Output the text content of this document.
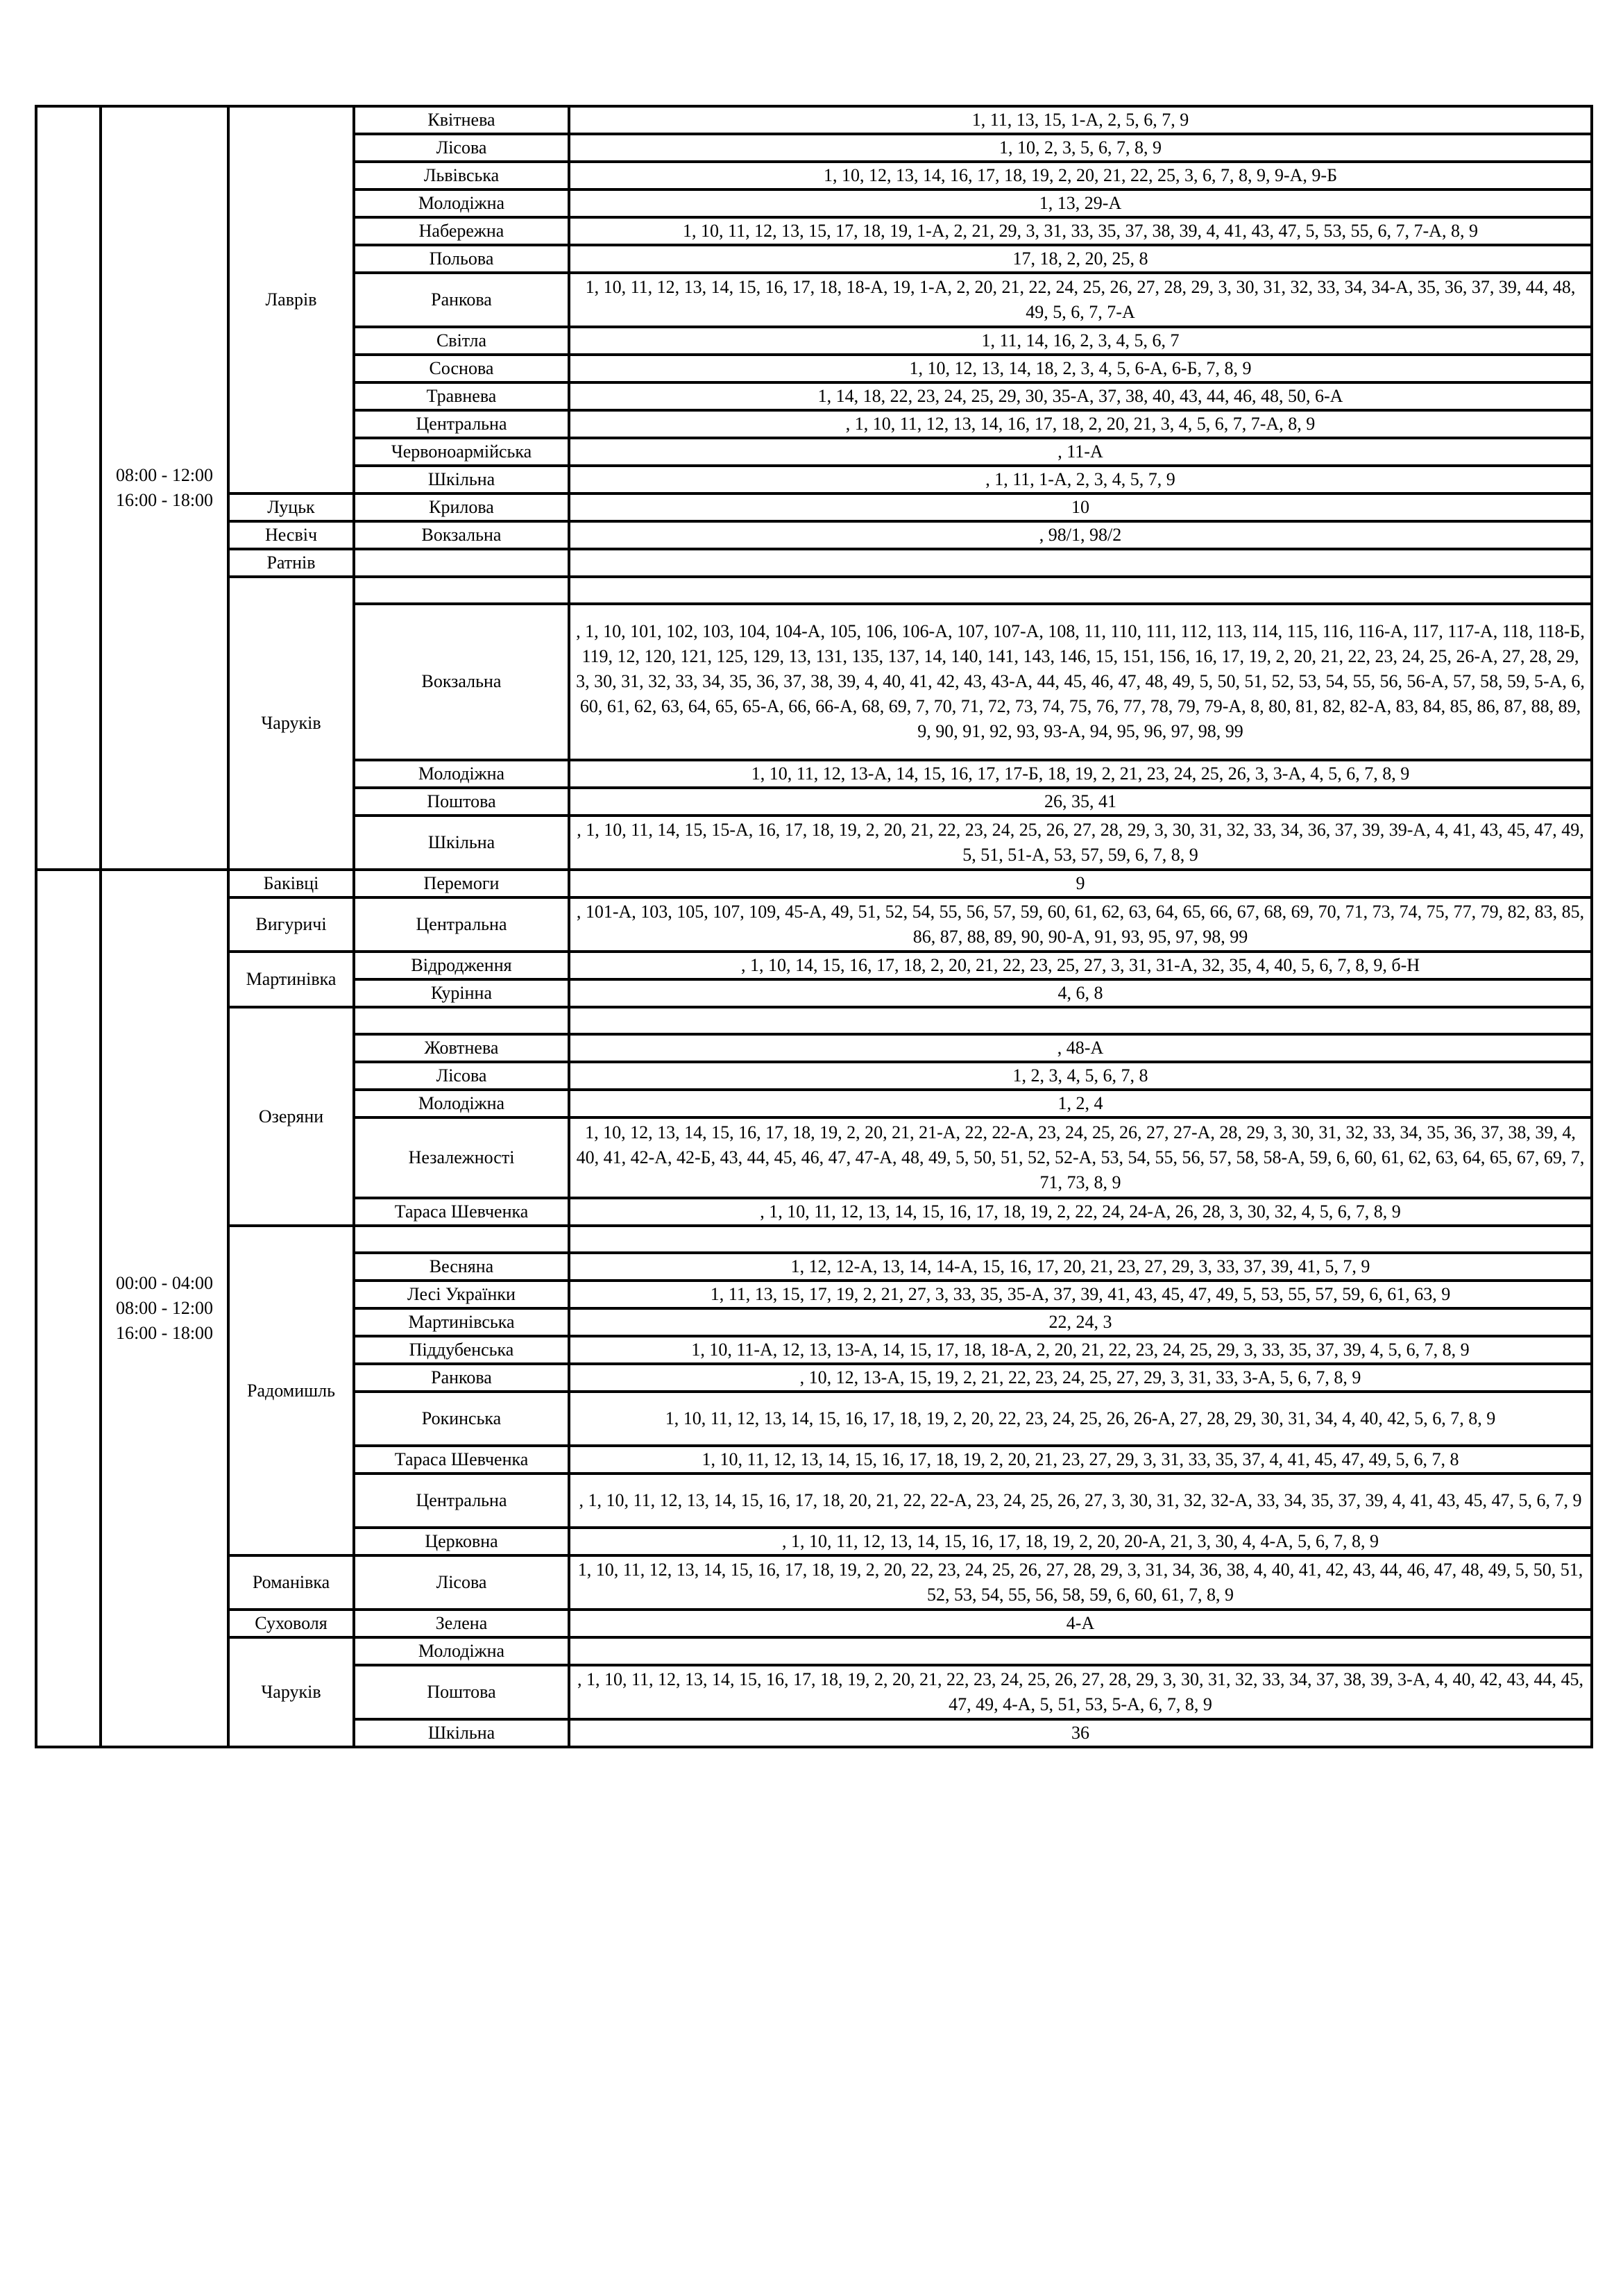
	08:00 - 12:00
16:00 - 18:00	Лаврів	Квітнева	1, 11, 13, 15, 1-А, 2, 5, 6, 7, 9
			Лісова	1, 10, 2, 3, 5, 6, 7, 8, 9
			Львівська	1, 10, 12, 13, 14, 16, 17, 18, 19, 2, 20, 21, 22, 25, 3, 6, 7, 8, 9, 9-А, 9-Б
			Молодіжна	1, 13, 29-А
			Набережна	1, 10, 11, 12, 13, 15, 17, 18, 19, 1-А, 2, 21, 29, 3, 31, 33, 35, 37, 38, 39, 4, 41, 43, 47, 5, 53, 55, 6, 7, 7-А, 8, 9
			Польова	17, 18, 2, 20, 25, 8
			Ранкова	1, 10, 11, 12, 13, 14, 15, 16, 17, 18, 18-А, 19, 1-А, 2, 20, 21, 22, 24, 25, 26, 27, 28, 29, 3, 30, 31, 32, 33, 34, 34-А, 35, 36, 37, 39, 44, 48, 49, 5, 6, 7, 7-А
			Світла	1, 11, 14, 16, 2, 3, 4, 5, 6, 7
			Соснова	1, 10, 12, 13, 14, 18, 2, 3, 4, 5, 6-А, 6-Б, 7, 8, 9
			Травнева	1, 14, 18, 22, 23, 24, 25, 29, 30, 35-А, 37, 38, 40, 43, 44, 46, 48, 50, 6-А
			Центральна	, 1, 10, 11, 12, 13, 14, 16, 17, 18, 2, 20, 21, 3, 4, 5, 6, 7, 7-А, 8, 9
			Червоноармійська	, 11-А
			Шкільна	, 1, 11, 1-А, 2, 3, 4, 5, 7, 9
		Луцьк	Крилова	10
		Несвіч	Вокзальна	, 98/1, 98/2
		Ратнів		
		Чаруків		
			Вокзальна	, 1, 10, 101, 102, 103, 104, 104-А, 105, 106, 106-А, 107, 107-А, 108, 11, 110, 111, 112, 113, 114, 115, 116, 116-А, 117, 117-А, 118, 118-Б, 119, 12, 120, 121, 125, 129, 13, 131, 135, 137, 14, 140, 141, 143, 146, 15, 151, 156, 16, 17, 19, 2, 20, 21, 22, 23, 24, 25, 26-А, 27, 28, 29, 3, 30, 31, 32, 33, 34, 35, 36, 37, 38, 39, 4, 40, 41, 42, 43, 43-А, 44, 45, 46, 47, 48, 49, 5, 50, 51, 52, 53, 54, 55, 56, 56-А, 57, 58, 59, 5-А, 6, 60, 61, 62, 63, 64, 65, 65-А, 66, 66-А, 68, 69, 7, 70, 71, 72, 73, 74, 75, 76, 77, 78, 79, 79-А, 8, 80, 81, 82, 82-А, 83, 84, 85, 86, 87, 88, 89, 9, 90, 91, 92, 93, 93-А, 94, 95, 96, 97, 98, 99
			Молодіжна	1, 10, 11, 12, 13-А, 14, 15, 16, 17, 17-Б, 18, 19, 2, 21, 23, 24, 25, 26, 3, 3-А, 4, 5, 6, 7, 8, 9
			Поштова	26, 35, 41
			Шкільна	, 1, 10, 11, 14, 15, 15-А, 16, 17, 18, 19, 2, 20, 21, 22, 23, 24, 25, 26, 27, 28, 29, 3, 30, 31, 32, 33, 34, 36, 37, 39, 39-А, 4, 41, 43, 45, 47, 49, 5, 51, 51-А, 53, 57, 59, 6, 7, 8, 9

	00:00 - 04:00
08:00 - 12:00
16:00 - 18:00	Баківці	Перемоги	9
		Вигуричі	Центральна	, 101-А, 103, 105, 107, 109, 45-А, 49, 51, 52, 54, 55, 56, 57, 59, 60, 61, 62, 63, 64, 65, 66, 67, 68, 69, 70, 71, 73, 74, 75, 77, 79, 82, 83, 85, 86, 87, 88, 89, 90, 90-А, 91, 93, 95, 97, 98, 99
		Мартинівка	Відродження	, 1, 10, 14, 15, 16, 17, 18, 2, 20, 21, 22, 23, 25, 27, 3, 31, 31-А, 32, 35, 4, 40, 5, 6, 7, 8, 9, б-Н
			Курінна	4, 6, 8
		Озеряни		
			Жовтнева	, 48-А
			Лісова	1, 2, 3, 4, 5, 6, 7, 8
			Молодіжна	1, 2, 4
			Незалежності	1, 10, 12, 13, 14, 15, 16, 17, 18, 19, 2, 20, 21, 21-А, 22, 22-А, 23, 24, 25, 26, 27, 27-А, 28, 29, 3, 30, 31, 32, 33, 34, 35, 36, 37, 38, 39, 4, 40, 41, 42-А, 42-Б, 43, 44, 45, 46, 47, 47-А, 48, 49, 5, 50, 51, 52, 52-А, 53, 54, 55, 56, 57, 58, 58-А, 59, 6, 60, 61, 62, 63, 64, 65, 67, 69, 7, 71, 73, 8, 9
			Тараса Шевченка	, 1, 10, 11, 12, 13, 14, 15, 16, 17, 18, 19, 2, 22, 24, 24-А, 26, 28, 3, 30, 32, 4, 5, 6, 7, 8, 9
		Радомишль		
			Весняна	1, 12, 12-А, 13, 14, 14-А, 15, 16, 17, 20, 21, 23, 27, 29, 3, 33, 37, 39, 41, 5, 7, 9
			Лесі Українки	1, 11, 13, 15, 17, 19, 2, 21, 27, 3, 33, 35, 35-А, 37, 39, 41, 43, 45, 47, 49, 5, 53, 55, 57, 59, 6, 61, 63, 9
			Мартинівська	22, 24, 3
			Піддубенська	1, 10, 11-А, 12, 13, 13-А, 14, 15, 17, 18, 18-А, 2, 20, 21, 22, 23, 24, 25, 29, 3, 33, 35, 37, 39, 4, 5, 6, 7, 8, 9
			Ранкова	, 10, 12, 13-А, 15, 19, 2, 21, 22, 23, 24, 25, 27, 29, 3, 31, 33, 3-А, 5, 6, 7, 8, 9
			Рокинська	1, 10, 11, 12, 13, 14, 15, 16, 17, 18, 19, 2, 20, 22, 23, 24, 25, 26, 26-А, 27, 28, 29, 30, 31, 34, 4, 40, 42, 5, 6, 7, 8, 9
			Тараса Шевченка	1, 10, 11, 12, 13, 14, 15, 16, 17, 18, 19, 2, 20, 21, 23, 27, 29, 3, 31, 33, 35, 37, 4, 41, 45, 47, 49, 5, 6, 7, 8
			Центральна	, 1, 10, 11, 12, 13, 14, 15, 16, 17, 18, 20, 21, 22, 22-А, 23, 24, 25, 26, 27, 3, 30, 31, 32, 32-А, 33, 34, 35, 37, 39, 4, 41, 43, 45, 47, 5, 6, 7, 9
			Церковна	, 1, 10, 11, 12, 13, 14, 15, 16, 17, 18, 19, 2, 20, 20-А, 21, 3, 30, 4, 4-А, 5, 6, 7, 8, 9
		Романівка	Лісова	1, 10, 11, 12, 13, 14, 15, 16, 17, 18, 19, 2, 20, 22, 23, 24, 25, 26, 27, 28, 29, 3, 31, 34, 36, 38, 4, 40, 41, 42, 43, 44, 46, 47, 48, 49, 5, 50, 51, 52, 53, 54, 55, 56, 58, 59, 6, 60, 61, 7, 8, 9
		Суховоля	Зелена	4-А
		Чаруків	Молодіжна	
			Поштова	, 1, 10, 11, 12, 13, 14, 15, 16, 17, 18, 19, 2, 20, 21, 22, 23, 24, 25, 26, 27, 28, 29, 3, 30, 31, 32, 33, 34, 37, 38, 39, 3-А, 4, 40, 42, 43, 44, 45, 47, 49, 4-А, 5, 51, 53, 5-А, 6, 7, 8, 9
			Шкільна	36
